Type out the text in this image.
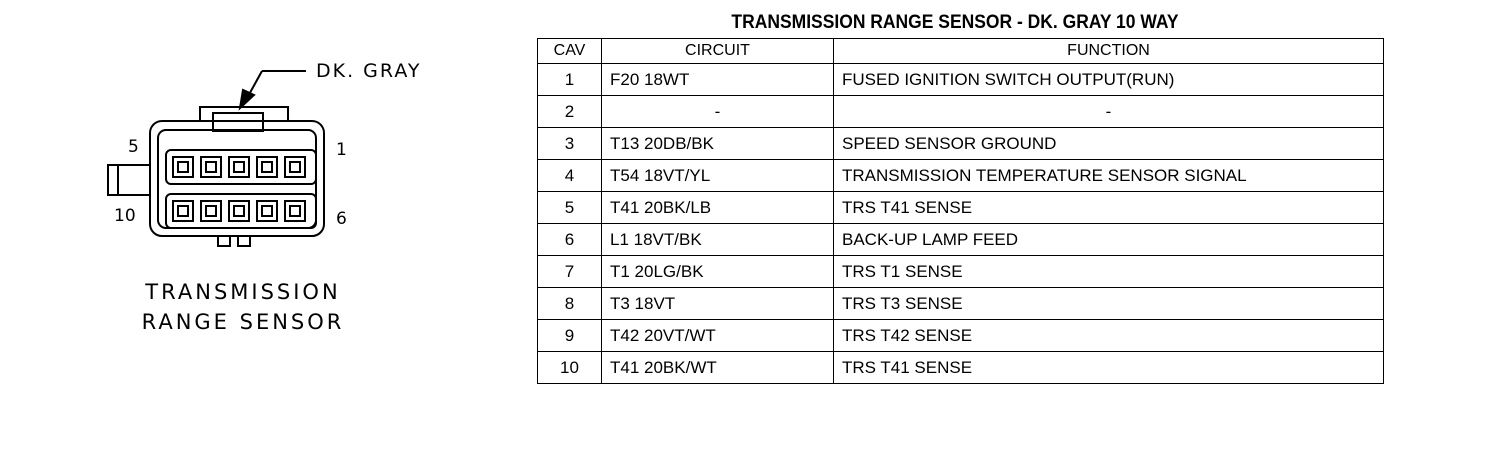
DK. GRAY
5	1
10	6
TRANSMISSION
RANGE SENSOR
TRANSMISSION RANGE SENSOR - DK. GRAY 10 WAY
CAV	CIRCUIT	FUNCTION
1	F20 18WT	FUSED IGNITION SWITCH OUTPUT(RUN)
2	-	-
3	T13 20DB/BK	SPEED SENSOR GROUND
4	T54 18VT/YL	TRANSMISSION TEMPERATURE SENSOR SIGNAL
5	T41 20BK/LB	TRS T41 SENSE
6	L1 18VT/BK	BACK-UP LAMP FEED
7	T1 20LG/BK	TRS T1 SENSE
8	T3 18VT	TRS T3 SENSE
9	T42 20VT/WT	TRS T42 SENSE
10	T41 20BK/WT	TRS T41 SENSE
